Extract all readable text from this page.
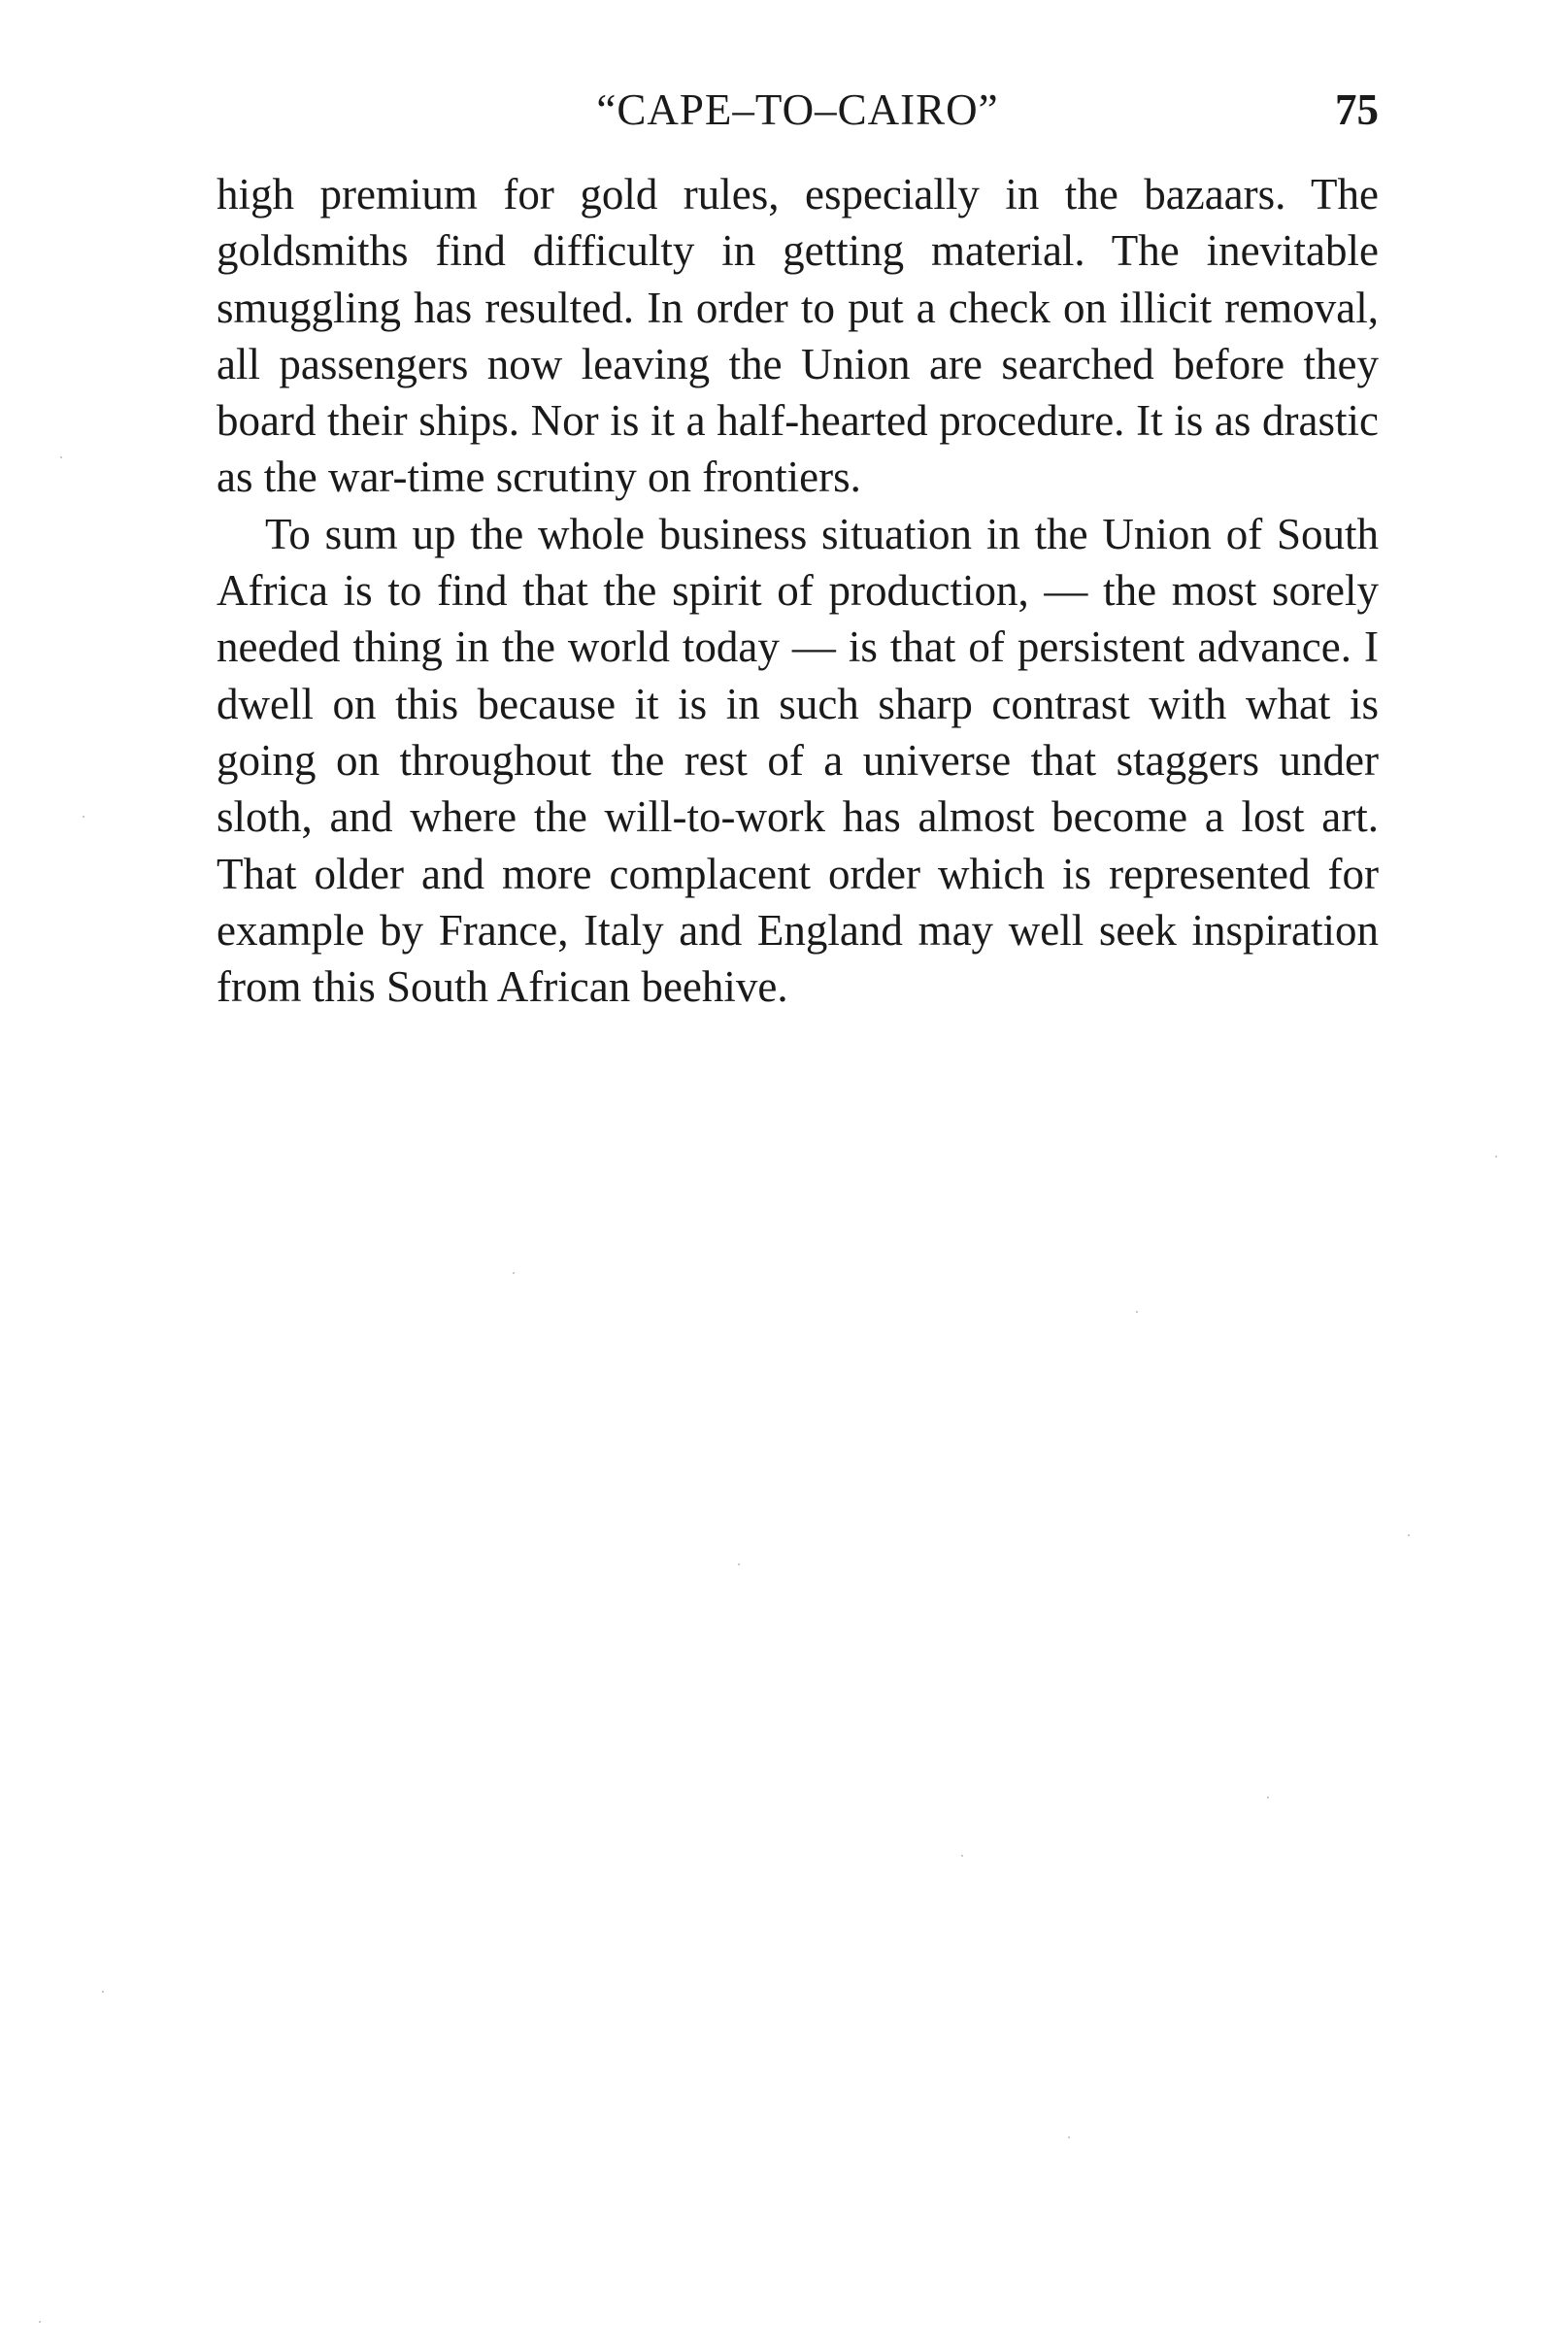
“CAPE–TO–CAIRO”	75

high premium for gold rules, especially in the bazaars. The goldsmiths find difficulty in getting material. The inevitable smuggling has resulted. In order to put a check on illicit removal, all passengers now leaving the Union are searched before they board their ships. Nor is it a half-hearted procedure. It is as drastic as the war-time scrutiny on frontiers.

To sum up the whole business situation in the Union of South Africa is to find that the spirit of production, — the most sorely needed thing in the world today — is that of persistent advance. I dwell on this because it is in such sharp contrast with what is going on throughout the rest of a universe that staggers under sloth, and where the will-to-work has almost become a lost art. That older and more complacent order which is represented for example by France, Italy and England may well seek inspiration from this South African beehive.
